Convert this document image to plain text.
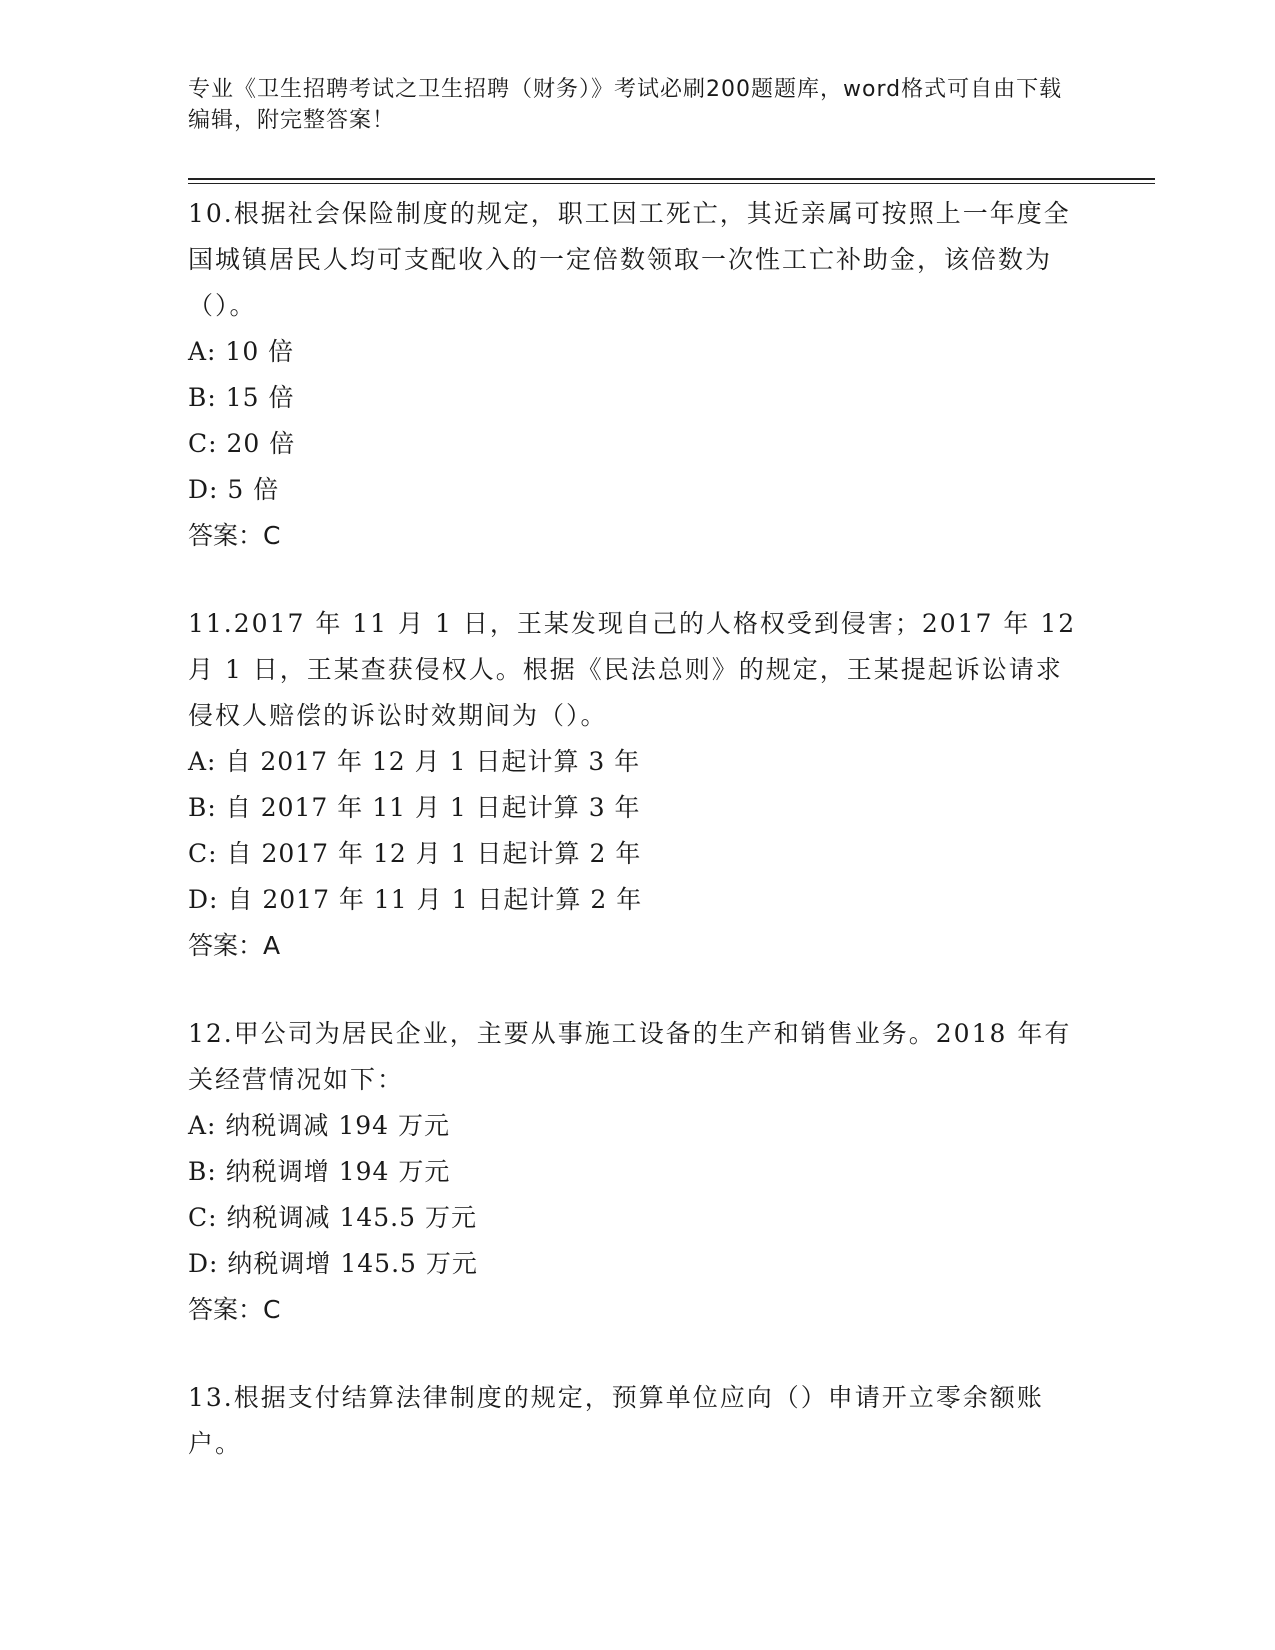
专业《卫生招聘考试之卫生招聘（财务）》考试必刷200题题库，word格式可自由下载编辑，附完整答案！
10.根据社会保险制度的规定，职工因工死亡，其近亲属可按照上一年度全国城镇居民人均可支配收入的一定倍数领取一次性工亡补助金，该倍数为（）。
A: 10 倍
B: 15 倍
C: 20 倍
D: 5 倍
答案：C
11.2017 年 11 月 1 日，王某发现自己的人格权受到侵害；2017 年 12 月 1 日，王某查获侵权人。根据《民法总则》的规定，王某提起诉讼请求侵权人赔偿的诉讼时效期间为（）。
A: 自 2017 年 12 月 1 日起计算 3 年
B: 自 2017 年 11 月 1 日起计算 3 年
C: 自 2017 年 12 月 1 日起计算 2 年
D: 自 2017 年 11 月 1 日起计算 2 年
答案：A
12.甲公司为居民企业，主要从事施工设备的生产和销售业务。2018 年有关经营情况如下：
A: 纳税调减 194 万元
B: 纳税调增 194 万元
C: 纳税调减 145.5 万元
D: 纳税调增 145.5 万元
答案：C
13.根据支付结算法律制度的规定，预算单位应向（）申请开立零余额账户。
